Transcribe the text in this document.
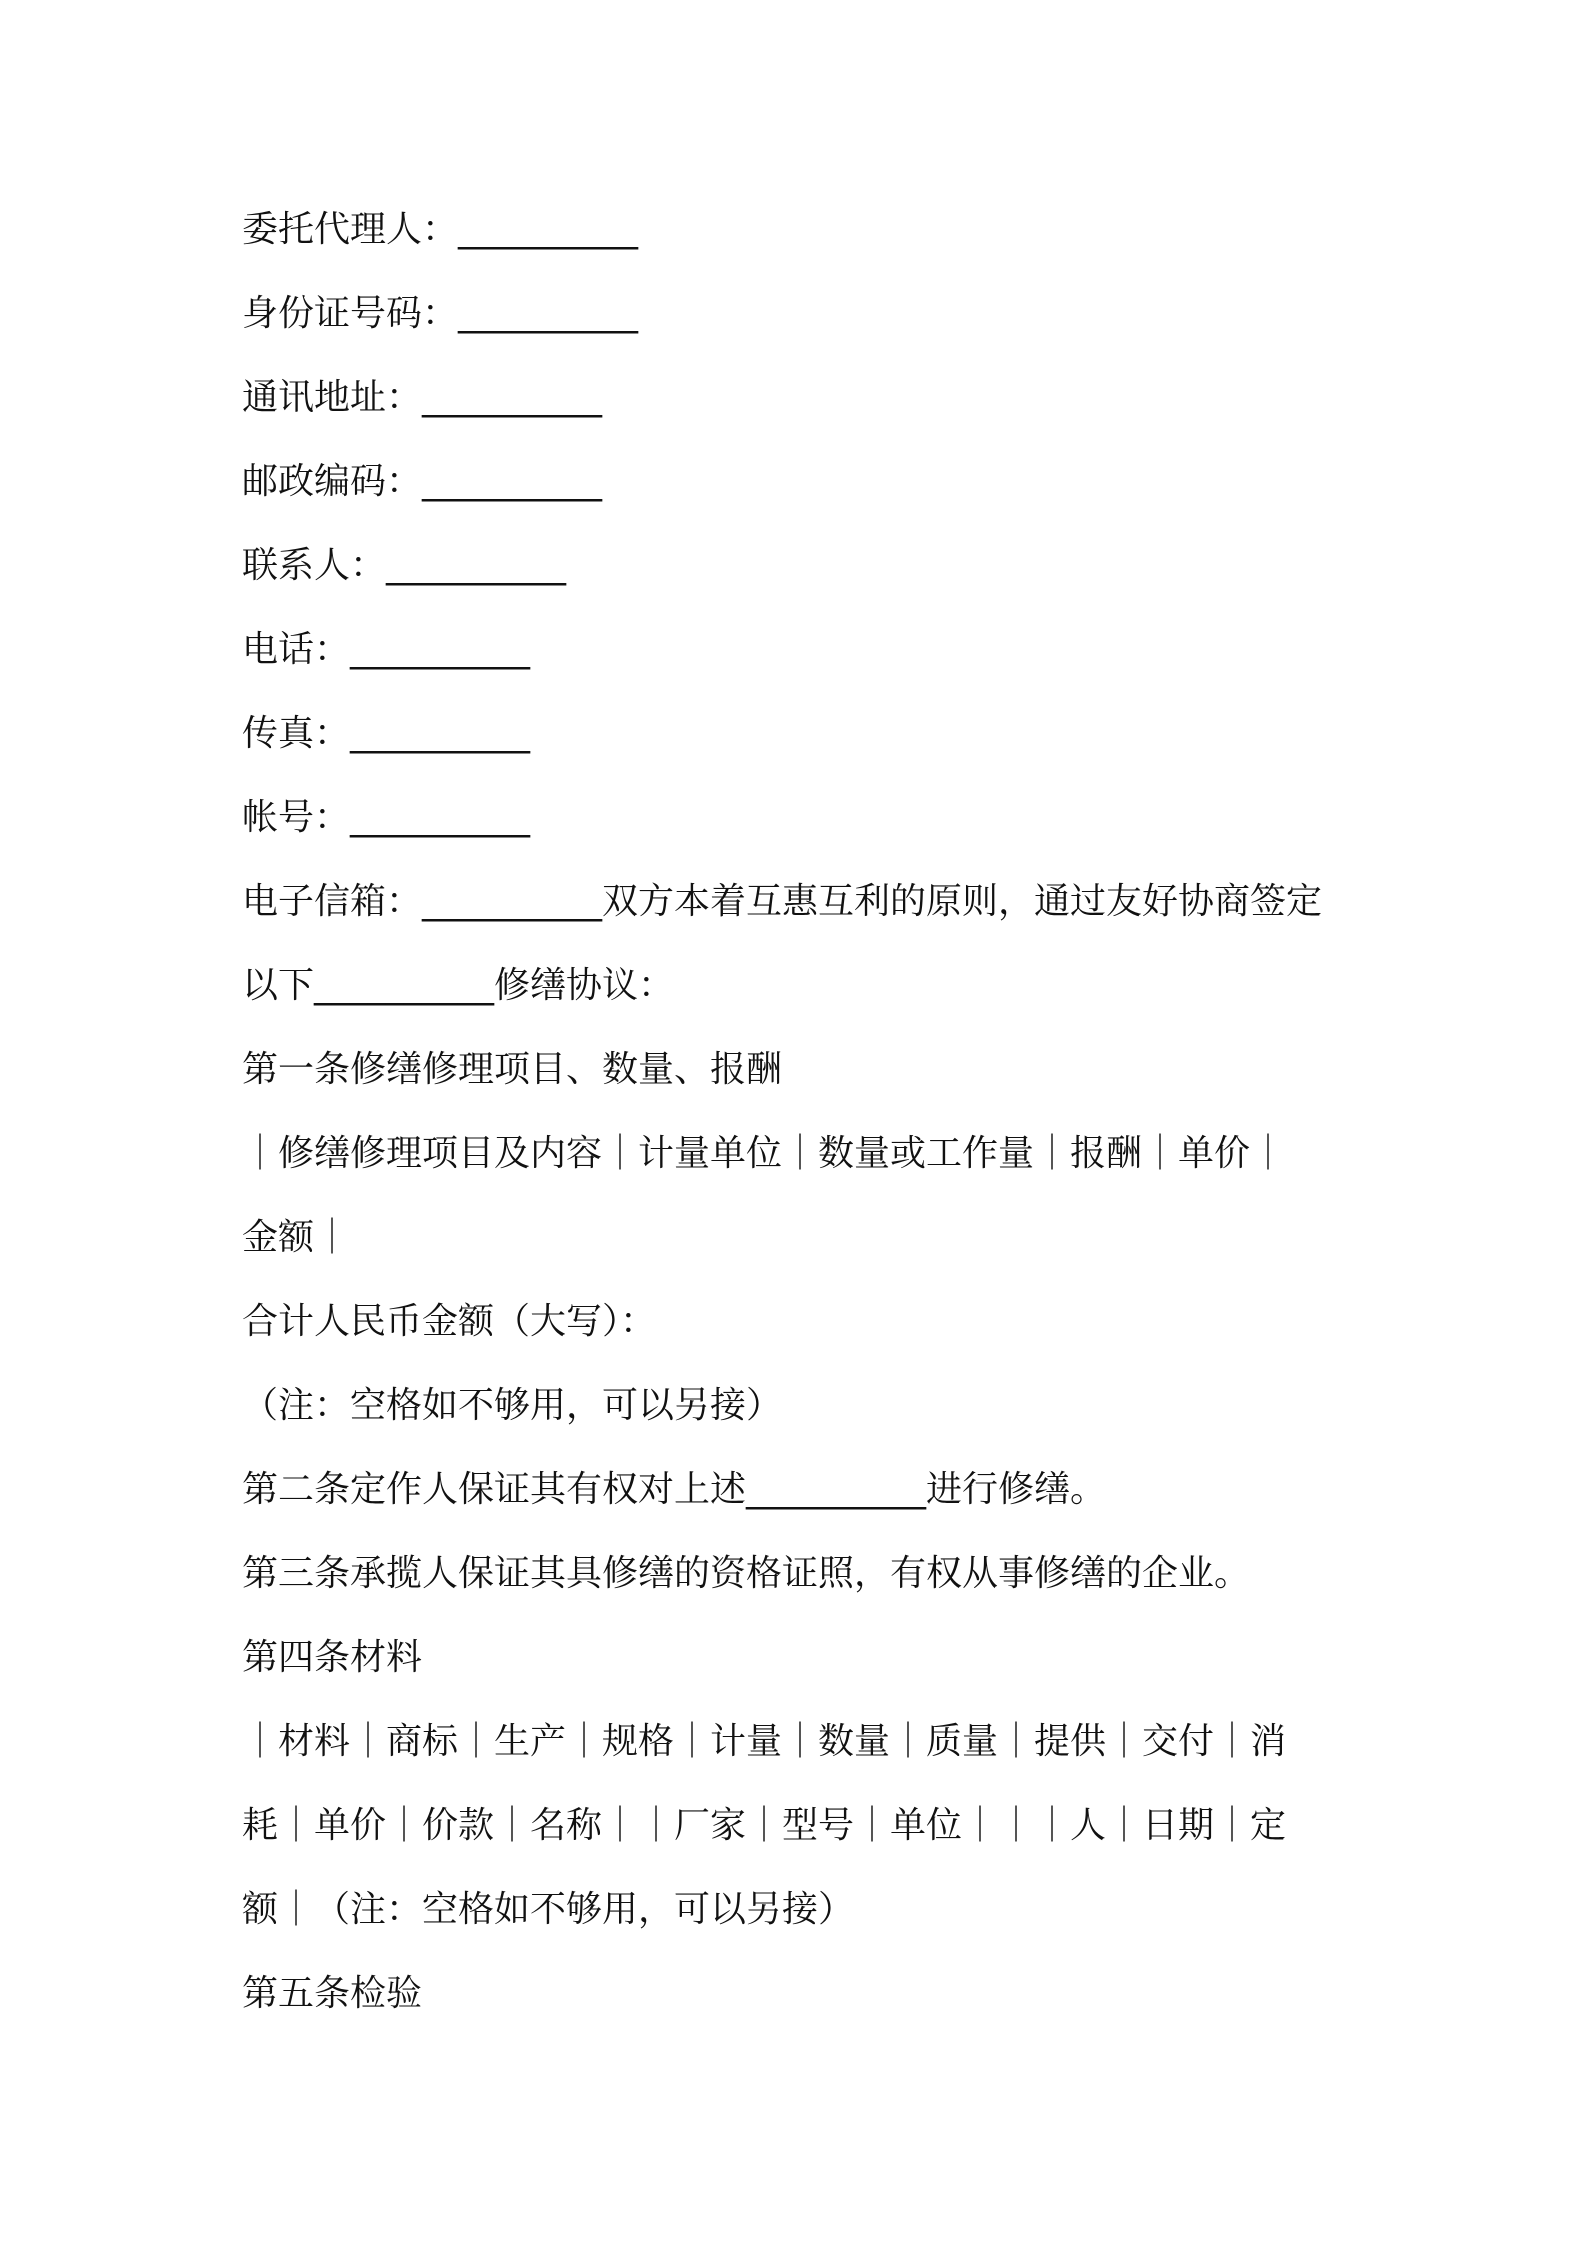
委托代理人：__________
身份证号码：__________
通讯地址：__________
邮政编码：__________
联系人：__________
电话：__________
传真：__________
帐号：__________
电子信箱：__________双方本着互惠互利的原则，通过友好协商签定
以下__________修缮协议：
第一条修缮修理项目、数量、报酬
｜修缮修理项目及内容｜计量单位｜数量或工作量｜报酬｜单价｜
金额｜
合计人民币金额（大写）：
（注：空格如不够用，可以另接）
第二条定作人保证其有权对上述__________进行修缮。
第三条承揽人保证其具修缮的资格证照，有权从事修缮的企业。
第四条材料
｜材料｜商标｜生产｜规格｜计量｜数量｜质量｜提供｜交付｜消
耗｜单价｜价款｜名称｜｜厂家｜型号｜单位｜｜｜人｜日期｜定
额｜（注：空格如不够用，可以另接）
第五条检验
